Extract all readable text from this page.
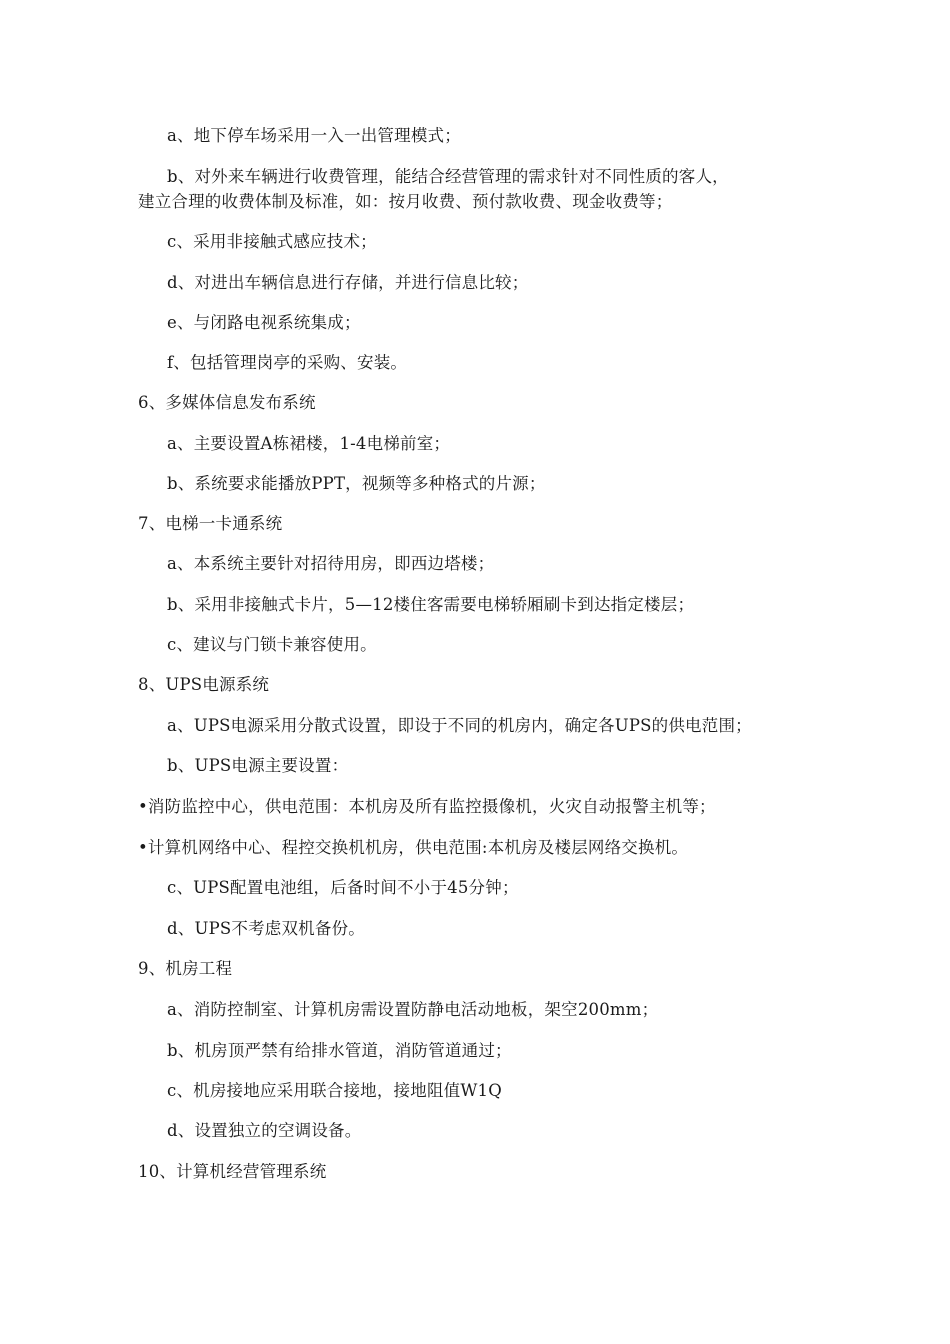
a、地下停车场采用一入一出管理模式；
b、对外来车辆进行收费管理，能结合经营管理的需求针对不同性质的客人，
建立合理的收费体制及标准，如：按月收费、预付款收费、现金收费等；
c、采用非接触式感应技术；
d、对进出车辆信息进行存储，并进行信息比较；
e、与闭路电视系统集成；
f、包括管理岗亭的采购、安装。
6、多媒体信息发布系统
a、主要设置A栋裙楼，1-4电梯前室；
b、系统要求能播放PPT，视频等多种格式的片源；
7、电梯一卡通系统
a、本系统主要针对招待用房，即西边塔楼；
b、采用非接触式卡片，5—12楼住客需要电梯轿厢刷卡到达指定楼层；
c、建议与门锁卡兼容使用。
8、UPS电源系统
a、UPS电源采用分散式设置，即设于不同的机房内，确定各UPS的供电范围；
b、UPS电源主要设置：
•消防监控中心，供电范围：本机房及所有监控摄像机，火灾自动报警主机等；
•计算机网络中心、程控交换机机房，供电范围:本机房及楼层网络交换机。
c、UPS配置电池组，后备时间不小于45分钟；
d、UPS不考虑双机备份。
9、机房工程
a、消防控制室、计算机房需设置防静电活动地板，架空200mm；
b、机房顶严禁有给排水管道，消防管道通过；
c、机房接地应采用联合接地，接地阻值W1Q
d、设置独立的空调设备。
10、计算机经营管理系统
